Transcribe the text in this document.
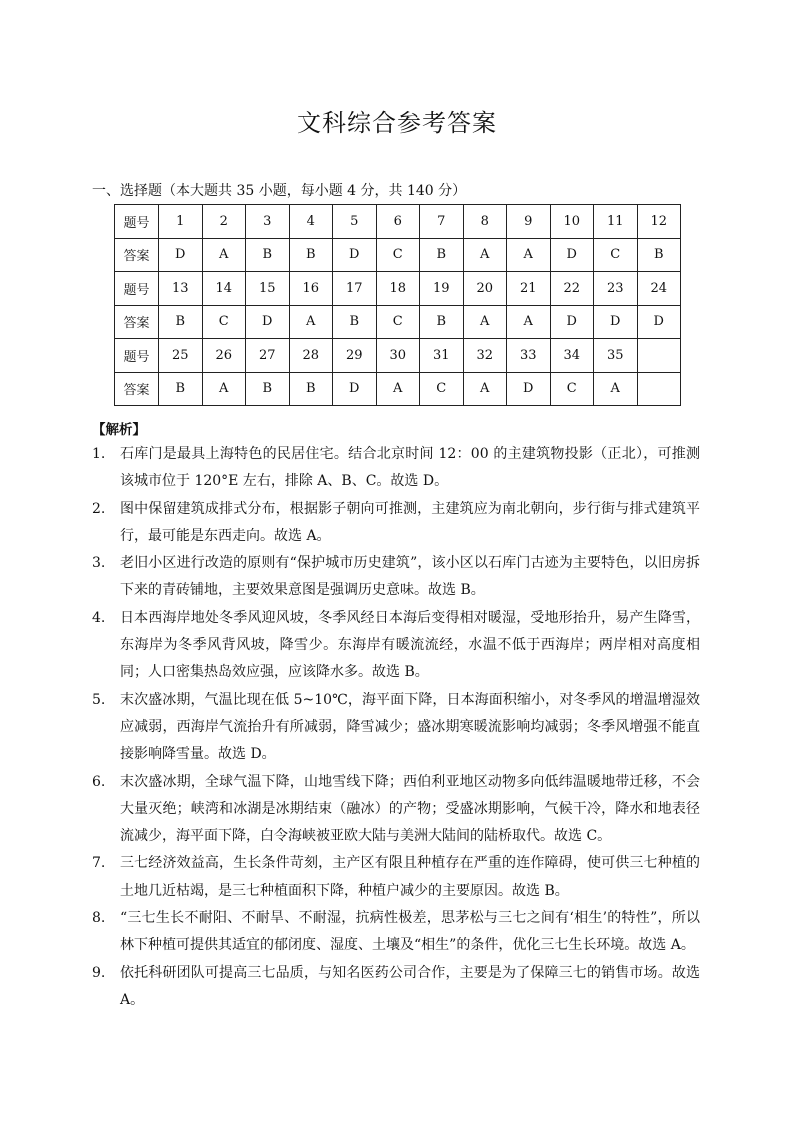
文科综合参考答案
一、选择题（本大题共 35 小题，每小题 4 分，共 140 分）
题号	1	2	3	4	5	6	7	8	9	10	11	12
答案	D	A	B	B	D	C	B	A	A	D	C	B
题号	13	14	15	16	17	18	19	20	21	22	23	24
答案	B	C	D	A	B	C	B	A	A	D	D	D
题号	25	26	27	28	29	30	31	32	33	34	35	
答案	B	A	B	B	D	A	C	A	D	C	A	
【解析】
1.	石库门是最具上海特色的民居住宅。结合北京时间 12：00 的主建筑物投影（正北），可推测该城市位于 120°E 左右，排除 A、B、C。故选 D。
2.	图中保留建筑成排式分布，根据影子朝向可推测，主建筑应为南北朝向，步行街与排式建筑平行，最可能是东西走向。故选 A。
3.	老旧小区进行改造的原则有“保护城市历史建筑”，该小区以石库门古迹为主要特色，以旧房拆下来的青砖铺地，主要效果意图是强调历史意味。故选 B。
4.	日本西海岸地处冬季风迎风坡，冬季风经日本海后变得相对暖湿，受地形抬升，易产生降雪，东海岸为冬季风背风坡，降雪少。东海岸有暖流流经，水温不低于西海岸；两岸相对高度相同；人口密集热岛效应强，应该降水多。故选 B。
5.	末次盛冰期，气温比现在低 5~10℃，海平面下降，日本海面积缩小，对冬季风的增温增湿效应减弱，西海岸气流抬升有所减弱，降雪减少；盛冰期寒暖流影响均减弱；冬季风增强不能直接影响降雪量。故选 D。
6.	末次盛冰期，全球气温下降，山地雪线下降；西伯利亚地区动物多向低纬温暖地带迁移，不会大量灭绝；峡湾和冰湖是冰期结束（融冰）的产物；受盛冰期影响，气候干冷，降水和地表径流减少，海平面下降，白令海峡被亚欧大陆与美洲大陆间的陆桥取代。故选 C。
7.	三七经济效益高，生长条件苛刻，主产区有限且种植存在严重的连作障碍，使可供三七种植的土地几近枯竭，是三七种植面积下降，种植户减少的主要原因。故选 B。
8.	“三七生长不耐阳、不耐旱、不耐湿，抗病性极差，思茅松与三七之间有‘相生’的特性”，所以林下种植可提供其适宜的郁闭度、湿度、土壤及“相生”的条件，优化三七生长环境。故选 A。
9.	依托科研团队可提高三七品质，与知名医药公司合作，主要是为了保障三七的销售市场。故选 A。
